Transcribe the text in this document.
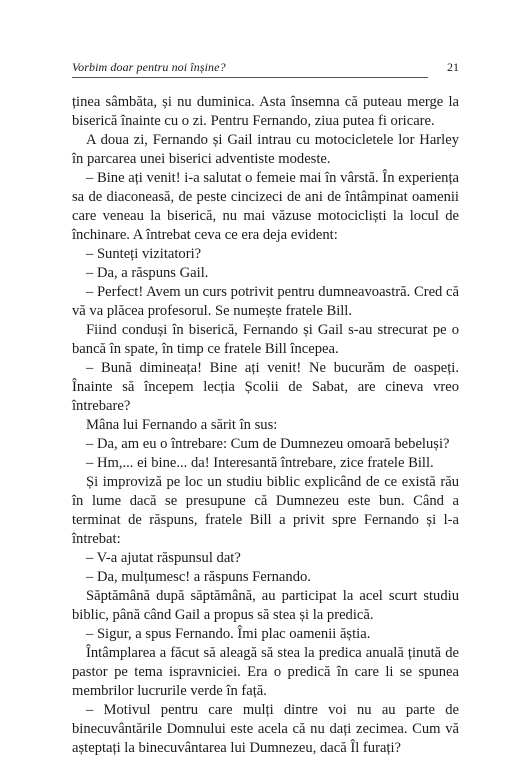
Vorbim doar pentru noi înșine?	21

ținea sâmbăta, și nu duminica. Asta însemna că puteau merge la biserică înainte cu o zi. Pentru Fernando, ziua putea fi oricare.

A doua zi, Fernando și Gail intrau cu motocicletele lor Harley în parcarea unei biserici adventiste modeste.

– Bine ați venit! i-a salutat o femeie mai în vârstă. În experiența sa de diaconeasă, de peste cincizeci de ani de întâmpinat oamenii care veneau la biserică, nu mai văzuse motocicliști la locul de închinare. A întrebat ceva ce era deja evident:

– Sunteți vizitatori?

– Da, a răspuns Gail.

– Perfect! Avem un curs potrivit pentru dumneavoastră. Cred că vă va plăcea profesorul. Se numește fratele Bill.

Fiind conduși în biserică, Fernando și Gail s-au strecurat pe o bancă în spate, în timp ce fratele Bill începea.

– Bună dimineața! Bine ați venit! Ne bucurăm de oaspeți. Înainte să începem lecția Școlii de Sabat, are cineva vreo întrebare?

Mâna lui Fernando a sărit în sus:

– Da, am eu o întrebare: Cum de Dumnezeu omoară bebeluși?

– Hm,... ei bine... da! Interesantă întrebare, zice fratele Bill.

Și improviză pe loc un studiu biblic explicând de ce există rău în lume dacă se presupune că Dumnezeu este bun. Când a terminat de răspuns, fratele Bill a privit spre Fernando și l-a întrebat:

– V-a ajutat răspunsul dat?

– Da, mulțumesc! a răspuns Fernando.

Săptămână după săptămână, au participat la acel scurt studiu biblic, până când Gail a propus să stea și la predică.

– Sigur, a spus Fernando. Îmi plac oamenii ăștia.

Întâmplarea a făcut să aleagă să stea la predica anuală ținută de pastor pe tema ispravniciei. Era o predică în care li se spunea membrilor lucrurile verde în față.

– Motivul pentru care mulți dintre voi nu au parte de binecuvântările Domnului este acela că nu dați zecimea. Cum vă așteptați la binecuvântarea lui Dumnezeu, dacă Îl furați?
